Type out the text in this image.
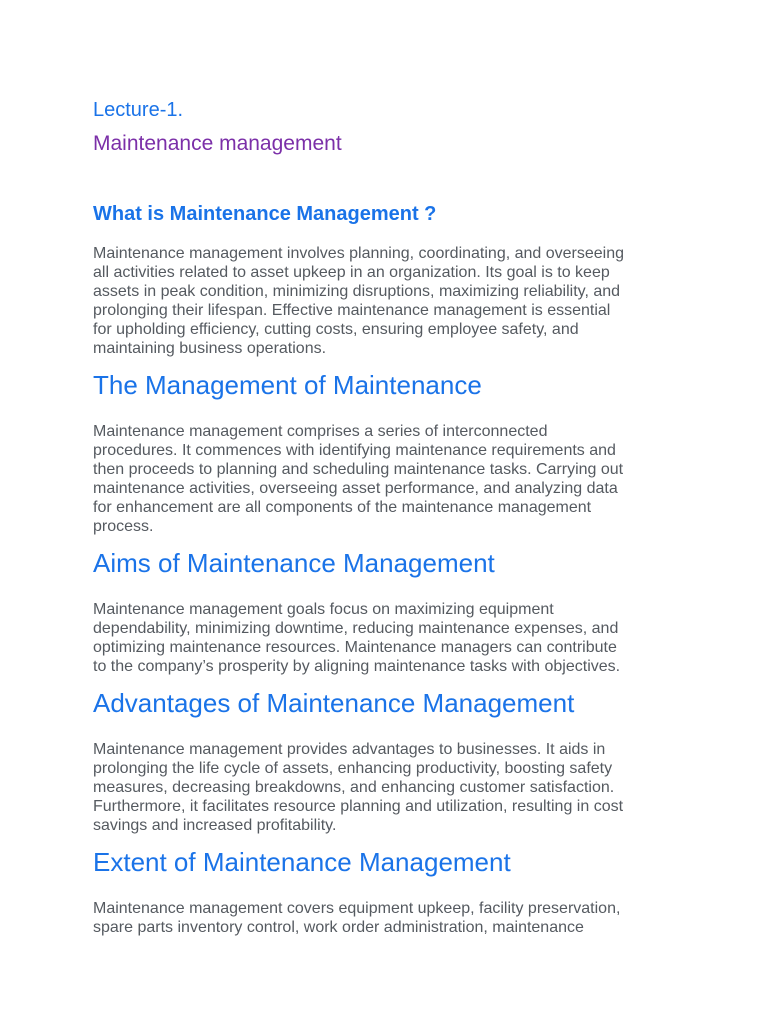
Lecture-1.
Maintenance management
What is Maintenance Management ?
Maintenance management involves planning, coordinating, and overseeing
all activities related to asset upkeep in an organization. Its goal is to keep
assets in peak condition, minimizing disruptions, maximizing reliability, and
prolonging their lifespan. Effective maintenance management is essential
for upholding efficiency, cutting costs, ensuring employee safety, and
maintaining business operations.
The Management of Maintenance
Maintenance management comprises a series of interconnected
procedures. It commences with identifying maintenance requirements and
then proceeds to planning and scheduling maintenance tasks. Carrying out
maintenance activities, overseeing asset performance, and analyzing data
for enhancement are all components of the maintenance management
process.
Aims of Maintenance Management
Maintenance management goals focus on maximizing equipment
dependability, minimizing downtime, reducing maintenance expenses, and
optimizing maintenance resources. Maintenance managers can contribute
to the company’s prosperity by aligning maintenance tasks with objectives.
Advantages of Maintenance Management
Maintenance management provides advantages to businesses. It aids in
prolonging the life cycle of assets, enhancing productivity, boosting safety
measures, decreasing breakdowns, and enhancing customer satisfaction.
Furthermore, it facilitates resource planning and utilization, resulting in cost
savings and increased profitability.
Extent of Maintenance Management
Maintenance management covers equipment upkeep, facility preservation,
spare parts inventory control, work order administration, maintenance
